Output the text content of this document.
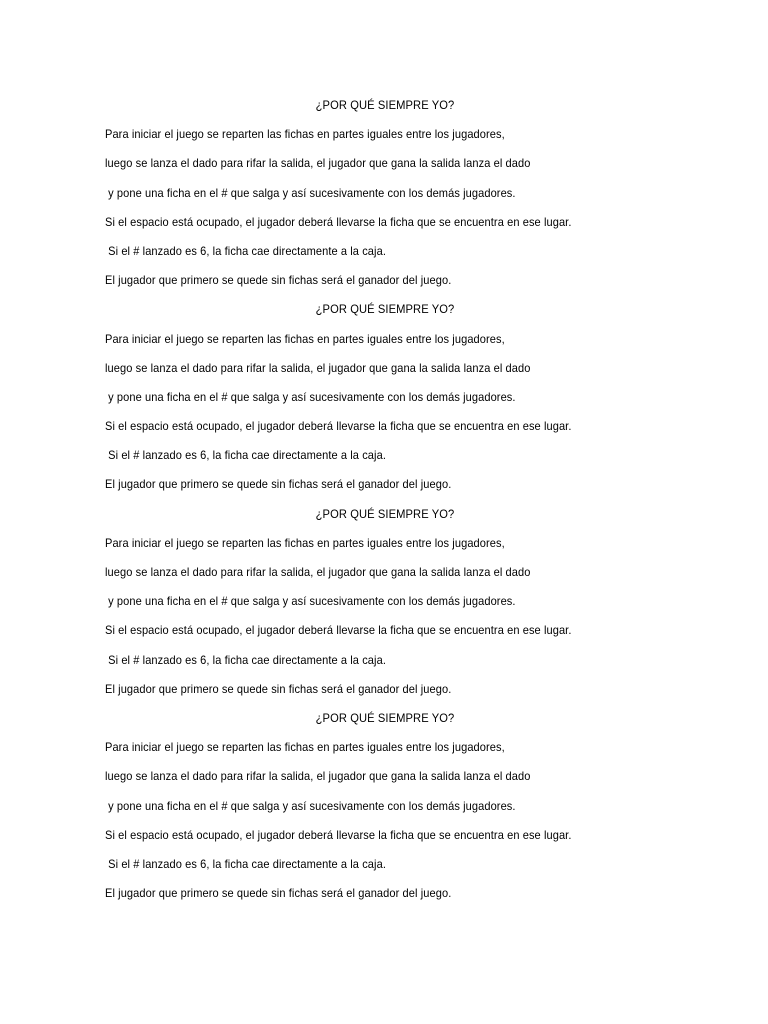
¿POR QUÉ SIEMPRE YO?
Para iniciar el juego se reparten las fichas en partes iguales entre los jugadores,
luego se lanza el dado para rifar la salida, el jugador que gana la salida lanza el dado
y pone una ficha en el # que salga y así sucesivamente con los demás jugadores.
Si el espacio está ocupado, el jugador deberá llevarse la ficha que se encuentra en ese lugar.
Si el # lanzado es 6, la ficha cae directamente a la caja.
El jugador que primero se quede sin fichas será el ganador del juego.
¿POR QUÉ SIEMPRE YO?
Para iniciar el juego se reparten las fichas en partes iguales entre los jugadores,
luego se lanza el dado para rifar la salida, el jugador que gana la salida lanza el dado
y pone una ficha en el # que salga y así sucesivamente con los demás jugadores.
Si el espacio está ocupado, el jugador deberá llevarse la ficha que se encuentra en ese lugar.
Si el # lanzado es 6, la ficha cae directamente a la caja.
El jugador que primero se quede sin fichas será el ganador del juego.
¿POR QUÉ SIEMPRE YO?
Para iniciar el juego se reparten las fichas en partes iguales entre los jugadores,
luego se lanza el dado para rifar la salida, el jugador que gana la salida lanza el dado
y pone una ficha en el # que salga y así sucesivamente con los demás jugadores.
Si el espacio está ocupado, el jugador deberá llevarse la ficha que se encuentra en ese lugar.
Si el # lanzado es 6, la ficha cae directamente a la caja.
El jugador que primero se quede sin fichas será el ganador del juego.
¿POR QUÉ SIEMPRE YO?
Para iniciar el juego se reparten las fichas en partes iguales entre los jugadores,
luego se lanza el dado para rifar la salida, el jugador que gana la salida lanza el dado
y pone una ficha en el # que salga y así sucesivamente con los demás jugadores.
Si el espacio está ocupado, el jugador deberá llevarse la ficha que se encuentra en ese lugar.
Si el # lanzado es 6, la ficha cae directamente a la caja.
El jugador que primero se quede sin fichas será el ganador del juego.
